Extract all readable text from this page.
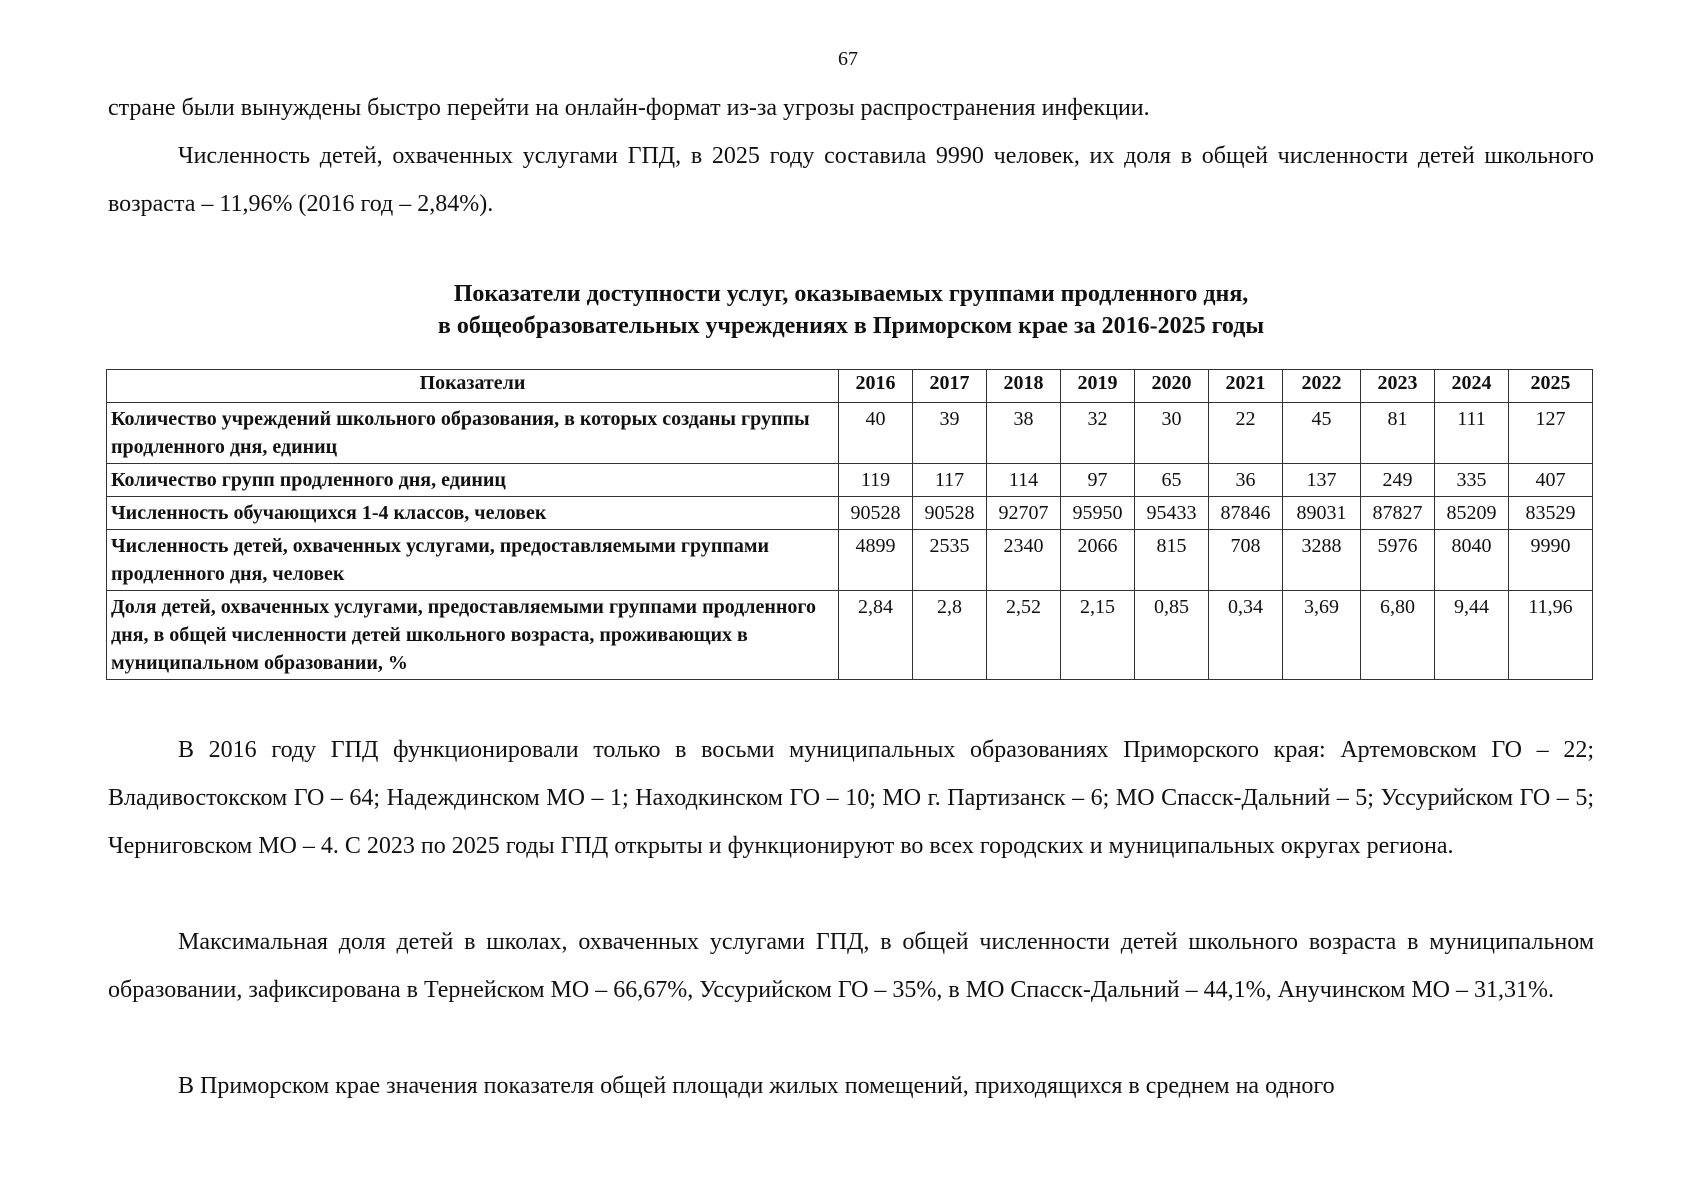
67

стране были вынуждены быстро перейти на онлайн-формат из-за угрозы распространения инфекции.

Численность детей, охваченных услугами ГПД, в 2025 году составила 9990 человек, их доля в общей численности детей школьного возраста – 11,96% (2016 год – 2,84%).

Показатели доступности услуг, оказываемых группами продленного дня,
в общеобразовательных учреждениях в Приморском крае за 2016-2025 годы
Показатели	2016	2017	2018	2019	2020	2021	2022	2023	2024	2025
Количество учреждений школьного образования, в которых созданы группы продленного дня, единиц	40	39	38	32	30	22	45	81	111	127
Количество групп продленного дня, единиц	119	117	114	97	65	36	137	249	335	407
Численность обучающихся 1-4 классов, человек	90528	90528	92707	95950	95433	87846	89031	87827	85209	83529
Численность детей, охваченных услугами, предоставляемыми группами продленного дня, человек	4899	2535	2340	2066	815	708	3288	5976	8040	9990
Доля детей, охваченных услугами, предоставляемыми группами продленного дня, в общей численности детей школьного возраста, проживающих в муниципальном образовании, %	2,84	2,8	2,52	2,15	0,85	0,34	3,69	6,80	9,44	11,96

В 2016 году ГПД функционировали только в восьми муниципальных образованиях Приморского края: Артемовском ГО – 22; Владивостокском ГО – 64; Надеждинском МО – 1; Находкинском ГО – 10; МО г. Партизанск – 6; МО Спасск-Дальний – 5; Уссурийском ГО – 5; Черниговском МО – 4. С 2023 по 2025 годы ГПД открыты и функционируют во всех городских и муниципальных округах региона.

Максимальная доля детей в школах, охваченных услугами ГПД, в общей численности детей школьного возраста в муниципальном образовании, зафиксирована в Тернейском МО – 66,67%, Уссурийском ГО – 35%, в МО Спасск-Дальний – 44,1%, Анучинском МО – 31,31%.

В Приморском крае значения показателя общей площади жилых помещений, приходящихся в среднем на одного
